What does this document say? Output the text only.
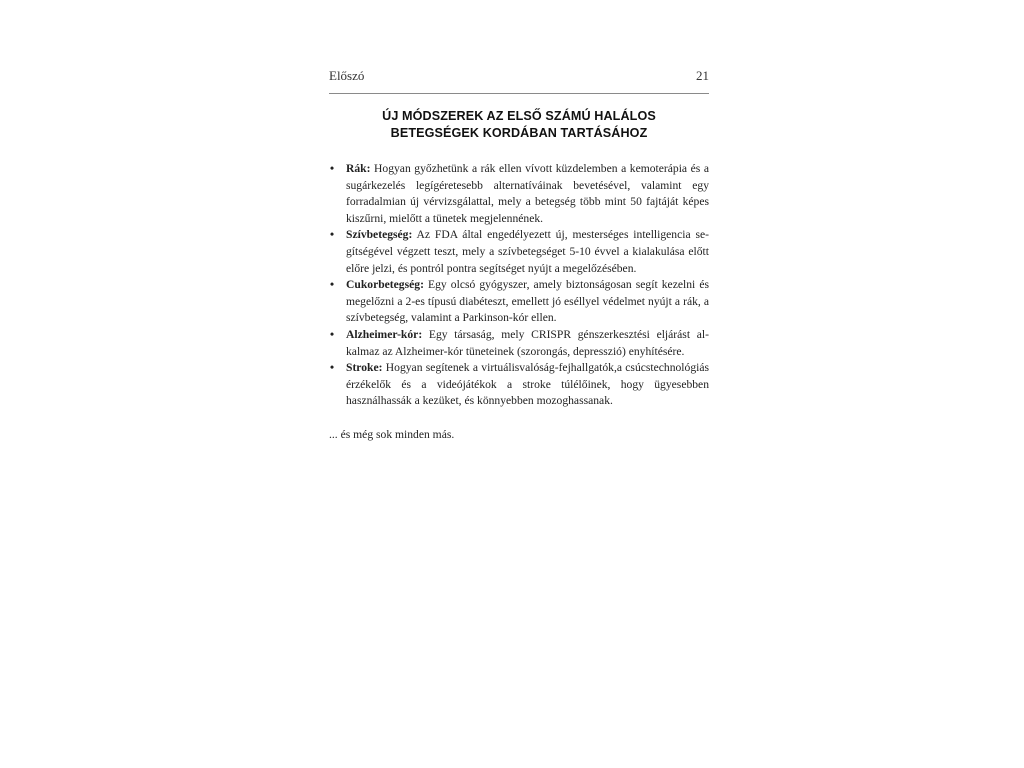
Előszó	21
ÚJ MÓDSZEREK AZ ELSŐ SZÁMÚ HALÁLOS
BETEGSÉGEK KORDÁBAN TARTÁSÁHOZ
• Rák: Hogyan győzhetünk a rák ellen vívott küzdelemben a kemoterápia és a sugárkezelés legígéretesebb alternatíváinak bevetésével, valamint egy forradalmian új vérvizsgálattal, mely a betegség több mint 50 fajtáját képes kiszűrni, mielőtt a tünetek megjelennének.
• Szívbetegség: Az FDA által engedélyezett új, mesterséges intelligencia segítségével végzett teszt, mely a szívbetegséget 5-10 évvel a kialakulása előtt előre jelzi, és pontról pontra segítséget nyújt a megelőzésében.
• Cukorbetegség: Egy olcsó gyógyszer, amely biztonságosan segít kezelni és megelőzni a 2-es típusú diabéteszt, emellett jó eséllyel védelmet nyújt a rák, a szívbetegség, valamint a Parkinson-kór ellen.
• Alzheimer-kór: Egy társaság, mely CRISPR génszerkesztési eljárást alkalmaz az Alzheimer-kór tüneteinek (szorongás, depresszió) enyhítésére.
• Stroke: Hogyan segítenek a virtuálisvalóság-fejhallgatók,a csúcstechnológiás érzékelők és a videójátékok a stroke túlélőinek, hogy ügyesebben használhassák a kezüket, és könnyebben mozoghassanak.

... és még sok minden más.
